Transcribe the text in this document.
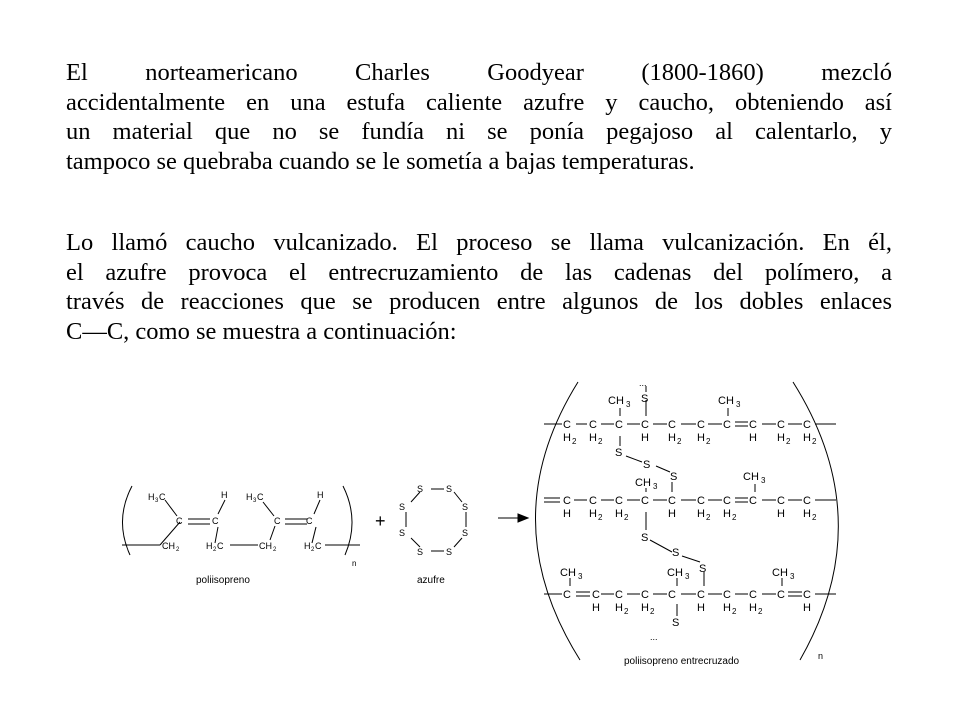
El norteamericano Charles Goodyear (1800-1860) mezcló
accidentalmente en una estufa caliente azufre y caucho, obteniendo así
un material que no se fundía ni se ponía pegajoso al calentarlo, y
tampoco se quebraba cuando se le sometía a bajas temperaturas.
Lo llamó caucho vulcanizado. El proceso se llama vulcanización. En él,
el azufre provoca el entrecruzamiento de las cadenas del polímero, a
través de reacciones que se producen entre algunos de los dobles enlaces
C—C, como se muestra a continuación:
H 3 C
C
CH 2
H
C
H 2 C	CH 2
H 3 C
C
H
C
H 2 C
n
S	S
S
S
S
S
S
S
+
poliisopreno	azufre
poliisopreno entrecruzado	n
C
H 2
C
H 2
C C
H
C
H 2
C
H 2
C C
H
C
H 2
C
H 2
CH 3 S
...
CH 3
S
S
S
C
H
C
H 2
C
H 2
C C
H
C
H 2
C
H 2
C C
H
C
H 2
CH 3
CH 3
S
S
S
C C
H
C
H 2
C
H 2
C C
H
C
H 2
C
H 2
C C
H
CH 3	CH 3	CH 3
S
...
